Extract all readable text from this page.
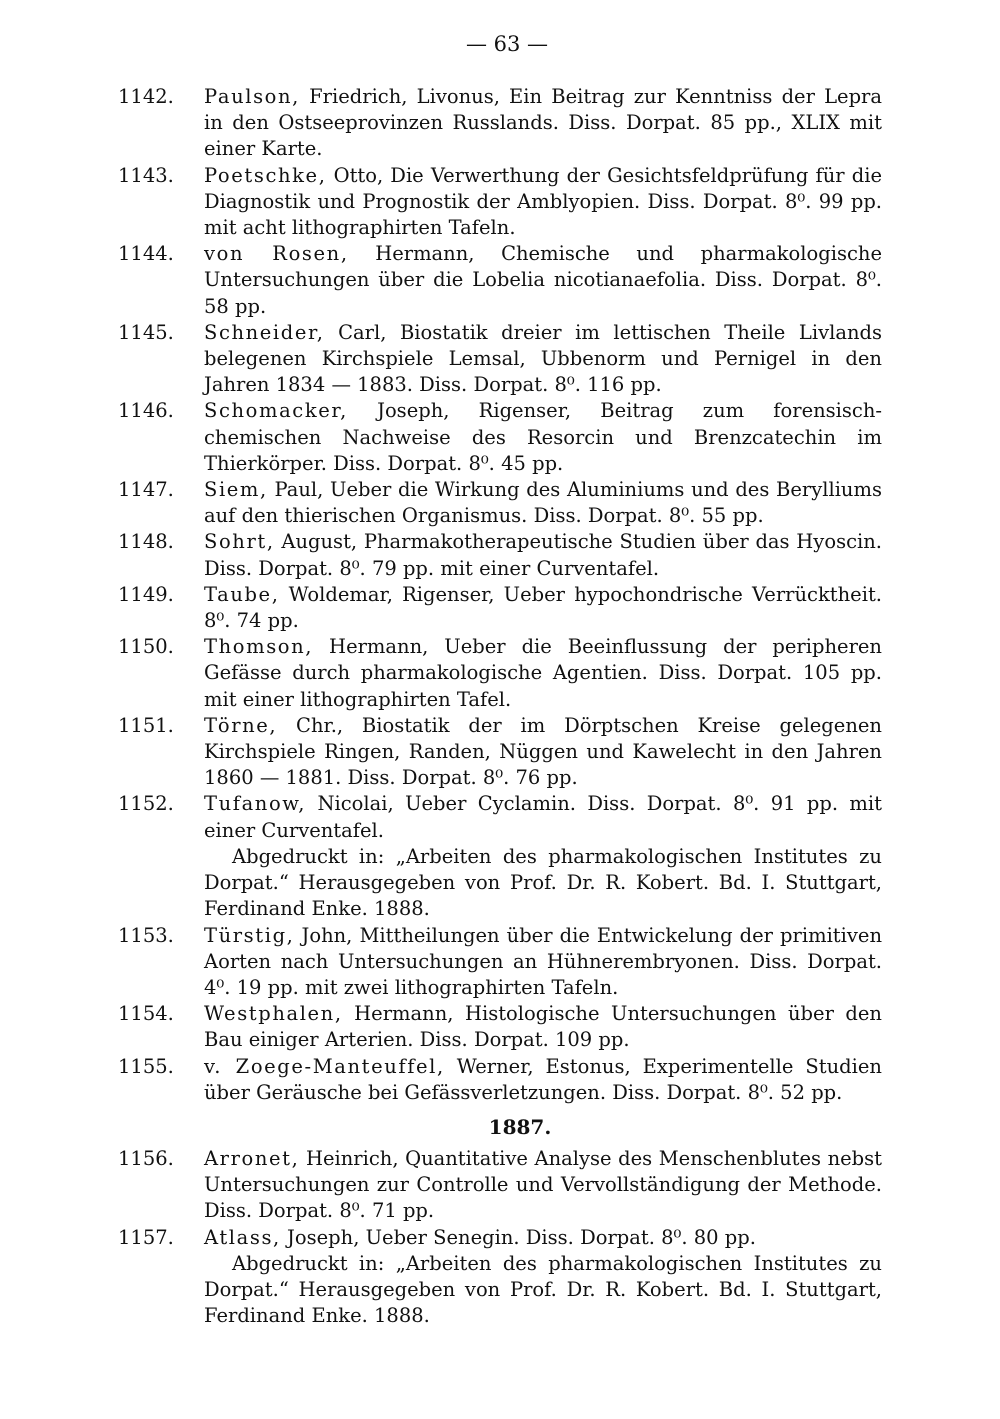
— 63 —
1142.	Paulson, Friedrich, Livonus, Ein Beitrag zur Kenntniss der Lepra in den Ostseeprovinzen Russlands. Diss. Dorpat. 85 pp., XLIX mit einer Karte.
1143.	Poetschke, Otto, Die Verwerthung der Gesichtsfeldprüfung für die Diagnostik und Prognostik der Amblyopien. Diss. Dorpat. 8⁰. 99 pp. mit acht lithographirten Tafeln.
1144.	von Rosen, Hermann, Chemische und pharmakologische Untersuchungen über die Lobelia nicotianaefolia. Diss. Dorpat. 8⁰. 58 pp.
1145.	Schneider, Carl, Biostatik dreier im lettischen Theile Livlands belegenen Kirchspiele Lemsal, Ubbenorm und Pernigel in den Jahren 1834 — 1883. Diss. Dorpat. 8⁰. 116 pp.
1146.	Schomacker, Joseph, Rigenser, Beitrag zum forensisch-chemischen Nachweise des Resorcin und Brenzcatechin im Thierkörper. Diss. Dorpat. 8⁰. 45 pp.
1147.	Siem, Paul, Ueber die Wirkung des Aluminiums und des Berylliums auf den thierischen Organismus. Diss. Dorpat. 8⁰. 55 pp.
1148.	Sohrt, August, Pharmakotherapeutische Studien über das Hyoscin. Diss. Dorpat. 8⁰. 79 pp. mit einer Curventafel.
1149.	Taube, Woldemar, Rigenser, Ueber hypochondrische Verrücktheit. 8⁰. 74 pp.
1150.	Thomson, Hermann, Ueber die Beeinflussung der peripheren Gefässe durch pharmakologische Agentien. Diss. Dorpat. 105 pp. mit einer lithographirten Tafel.
1151.	Törne, Chr., Biostatik der im Dörptschen Kreise gelegenen Kirchspiele Ringen, Randen, Nüggen und Kawelecht in den Jahren 1860 — 1881. Diss. Dorpat. 8⁰. 76 pp.
1152.	Tufanow, Nicolai, Ueber Cyclamin. Diss. Dorpat. 8⁰. 91 pp. mit einer Curventafel.
Abgedruckt in: „Arbeiten des pharmakologischen Institutes zu Dorpat.“ Herausgegeben von Prof. Dr. R. Kobert. Bd. I. Stuttgart, Ferdinand Enke. 1888.
1153.	Türstig, John, Mittheilungen über die Entwickelung der primitiven Aorten nach Untersuchungen an Hühnerembryonen. Diss. Dorpat. 4⁰. 19 pp. mit zwei lithographirten Tafeln.
1154.	Westphalen, Hermann, Histologische Untersuchungen über den Bau einiger Arterien. Diss. Dorpat. 109 pp.
1155.	v. Zoege-Manteuffel, Werner, Estonus, Experimentelle Studien über Geräusche bei Gefässverletzungen. Diss. Dorpat. 8⁰. 52 pp.
1887.
1156.	Arronet, Heinrich, Quantitative Analyse des Menschenblutes nebst Untersuchungen zur Controlle und Vervollständigung der Methode. Diss. Dorpat. 8⁰. 71 pp.
1157.	Atlass, Joseph, Ueber Senegin. Diss. Dorpat. 8⁰. 80 pp.
Abgedruckt in: „Arbeiten des pharmakologischen Institutes zu Dorpat.“ Herausgegeben von Prof. Dr. R. Kobert. Bd. I. Stuttgart, Ferdinand Enke. 1888.
